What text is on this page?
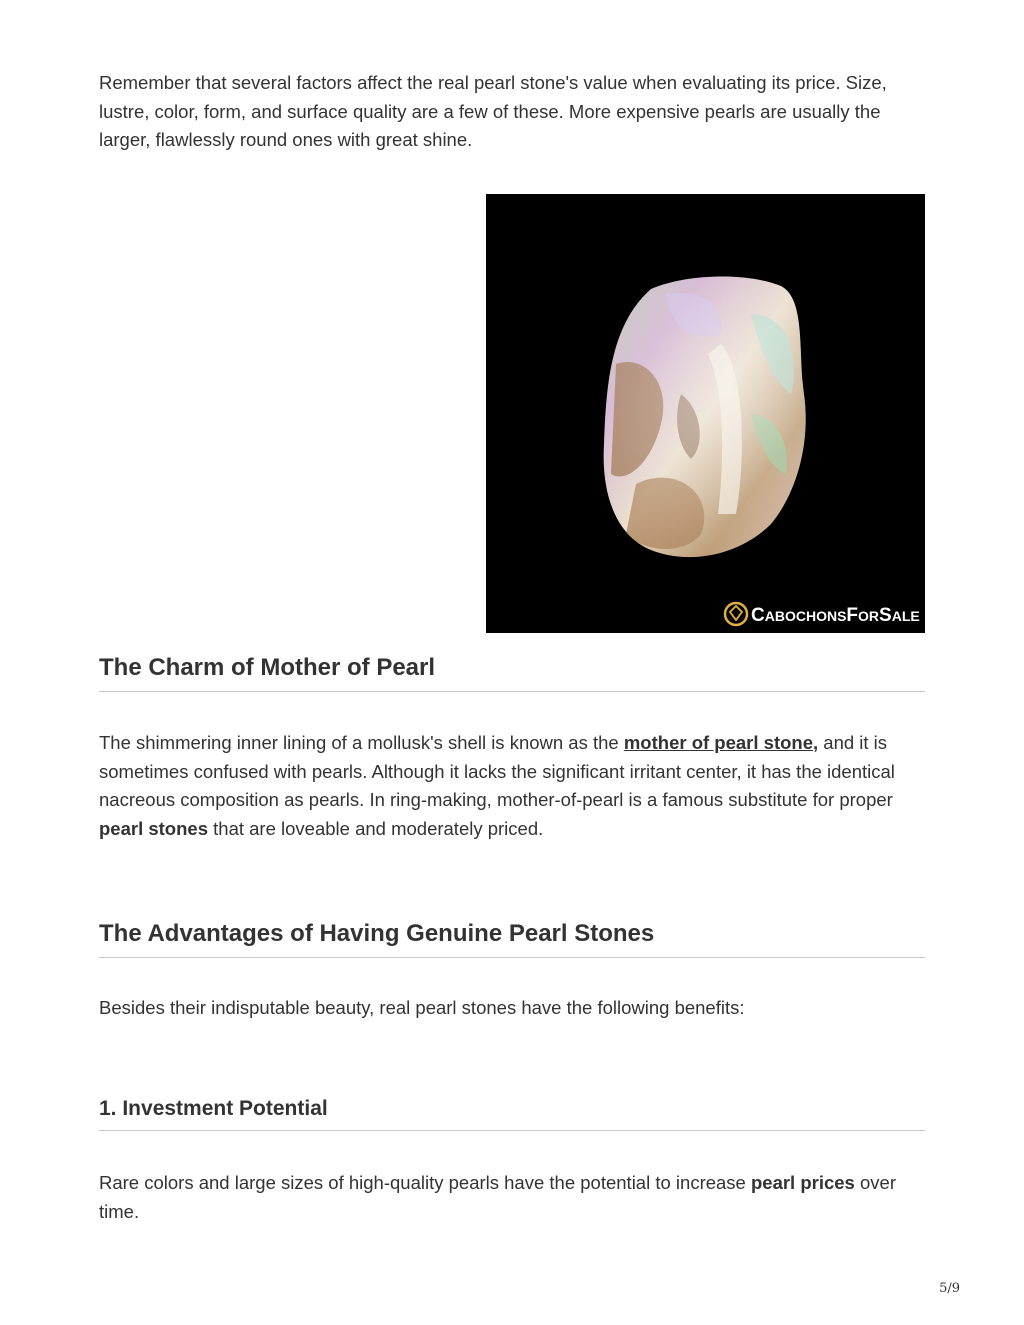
Remember that several factors affect the real pearl stone's value when evaluating its price. Size, lustre, color, form, and surface quality are a few of these. More expensive pearls are usually the larger, flawlessly round ones with great shine.

CABOCHONSFORSALE
The Charm of Mother of Pearl

The shimmering inner lining of a mollusk's shell is known as the mother of pearl stone, and it is sometimes confused with pearls. Although it lacks the significant irritant center, it has the identical nacreous composition as pearls. In ring-making, mother-of-pearl is a famous substitute for proper pearl stones that are loveable and moderately priced.

The Advantages of Having Genuine Pearl Stones

Besides their indisputable beauty, real pearl stones have the following benefits:

1. Investment Potential

Rare colors and large sizes of high-quality pearls have the potential to increase pearl prices over time.

5/9
